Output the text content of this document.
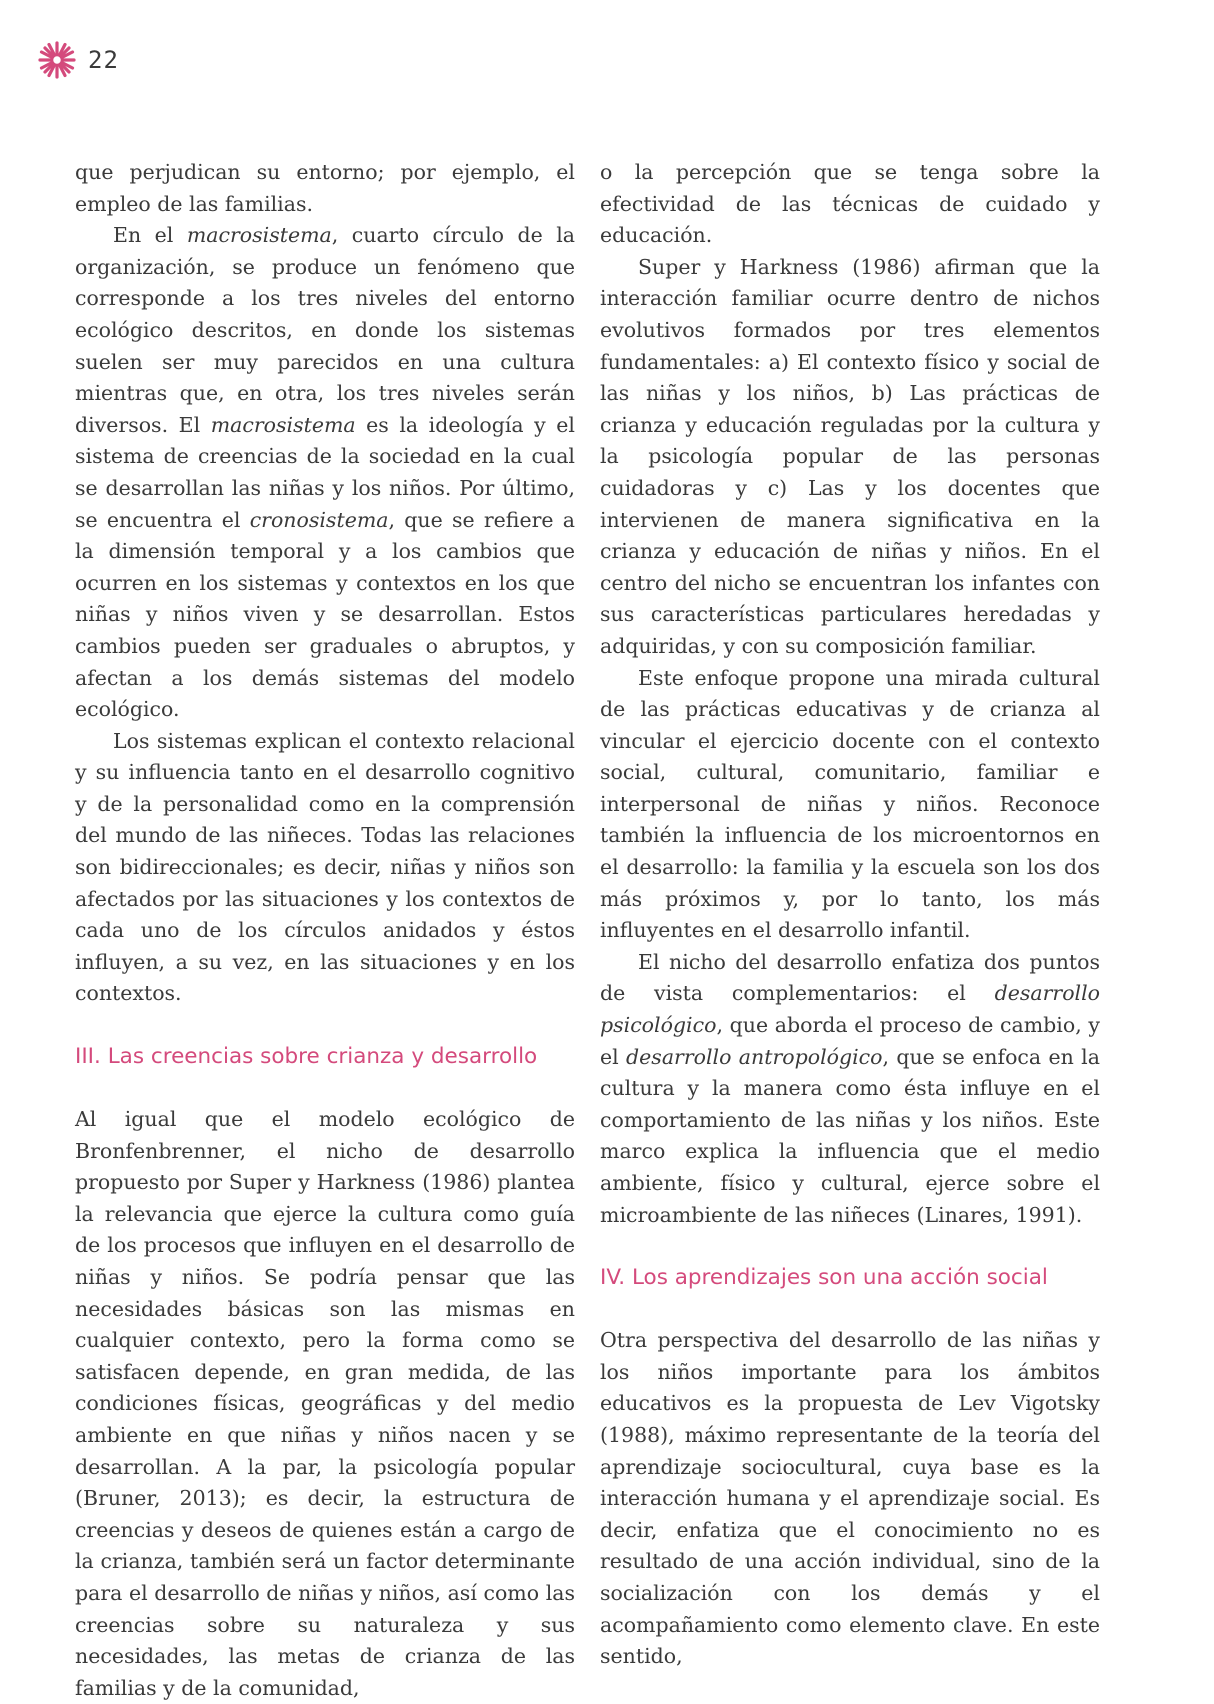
22

que perjudican su entorno; por ejemplo, el empleo de las familias.

En el macrosistema, cuarto círculo de la organización, se produce un fenómeno que corresponde a los tres niveles del entorno ecológico descritos, en donde los sistemas suelen ser muy parecidos en una cultura mientras que, en otra, los tres niveles serán diversos. El macrosistema es la ideología y el sistema de creencias de la sociedad en la cual se desarrollan las niñas y los niños. Por último, se encuentra el cronosistema, que se refiere a la dimensión temporal y a los cambios que ocurren en los sistemas y contextos en los que niñas y niños viven y se desarrollan. Estos cambios pueden ser graduales o abruptos, y afectan a los demás sistemas del modelo ecológico.

Los sistemas explican el contexto relacional y su influencia tanto en el desarrollo cognitivo y de la personalidad como en la comprensión del mundo de las niñeces. Todas las relaciones son bidireccionales; es decir, niñas y niños son afectados por las situaciones y los contextos de cada uno de los círculos anidados y éstos influyen, a su vez, en las situaciones y en los contextos.

III. Las creencias sobre crianza y desarrollo

Al igual que el modelo ecológico de Bronfenbrenner, el nicho de desarrollo propuesto por Super y Harkness (1986) plantea la relevancia que ejerce la cultura como guía de los procesos que influyen en el desarrollo de niñas y niños. Se podría pensar que las necesidades básicas son las mismas en cualquier contexto, pero la forma como se satisfacen depende, en gran medida, de las condiciones físicas, geográficas y del medio ambiente en que niñas y niños nacen y se desarrollan. A la par, la psicología popular (Bruner, 2013); es decir, la estructura de creencias y deseos de quienes están a cargo de la crianza, también será un factor determinante para el desarrollo de niñas y niños, así como las creencias sobre su naturaleza y sus necesidades, las metas de crianza de las familias y de la comunidad,

o la percepción que se tenga sobre la efectividad de las técnicas de cuidado y educación.

Super y Harkness (1986) afirman que la interacción familiar ocurre dentro de nichos evolutivos formados por tres elementos fundamentales: a) El contexto físico y social de las niñas y los niños, b) Las prácticas de crianza y educación reguladas por la cultura y la psicología popular de las personas cuidadoras y c) Las y los docentes que intervienen de manera significativa en la crianza y educación de niñas y niños. En el centro del nicho se encuentran los infantes con sus características particulares heredadas y adquiridas, y con su composición familiar.

Este enfoque propone una mirada cultural de las prácticas educativas y de crianza al vincular el ejercicio docente con el contexto social, cultural, comunitario, familiar e interpersonal de niñas y niños. Reconoce también la influencia de los microentornos en el desarrollo: la familia y la escuela son los dos más próximos y, por lo tanto, los más influyentes en el desarrollo infantil.

El nicho del desarrollo enfatiza dos puntos de vista complementarios: el desarrollo psicológico, que aborda el proceso de cambio, y el desarrollo antropológico, que se enfoca en la cultura y la manera como ésta influye en el comportamiento de las niñas y los niños. Este marco explica la influencia que el medio ambiente, físico y cultural, ejerce sobre el microambiente de las niñeces (Linares, 1991).

IV. Los aprendizajes son una acción social

Otra perspectiva del desarrollo de las niñas y los niños importante para los ámbitos educativos es la propuesta de Lev Vigotsky (1988), máximo representante de la teoría del aprendizaje sociocultural, cuya base es la interacción humana y el aprendizaje social. Es decir, enfatiza que el conocimiento no es resultado de una acción individual, sino de la socialización con los demás y el acompañamiento como elemento clave. En este sentido,
